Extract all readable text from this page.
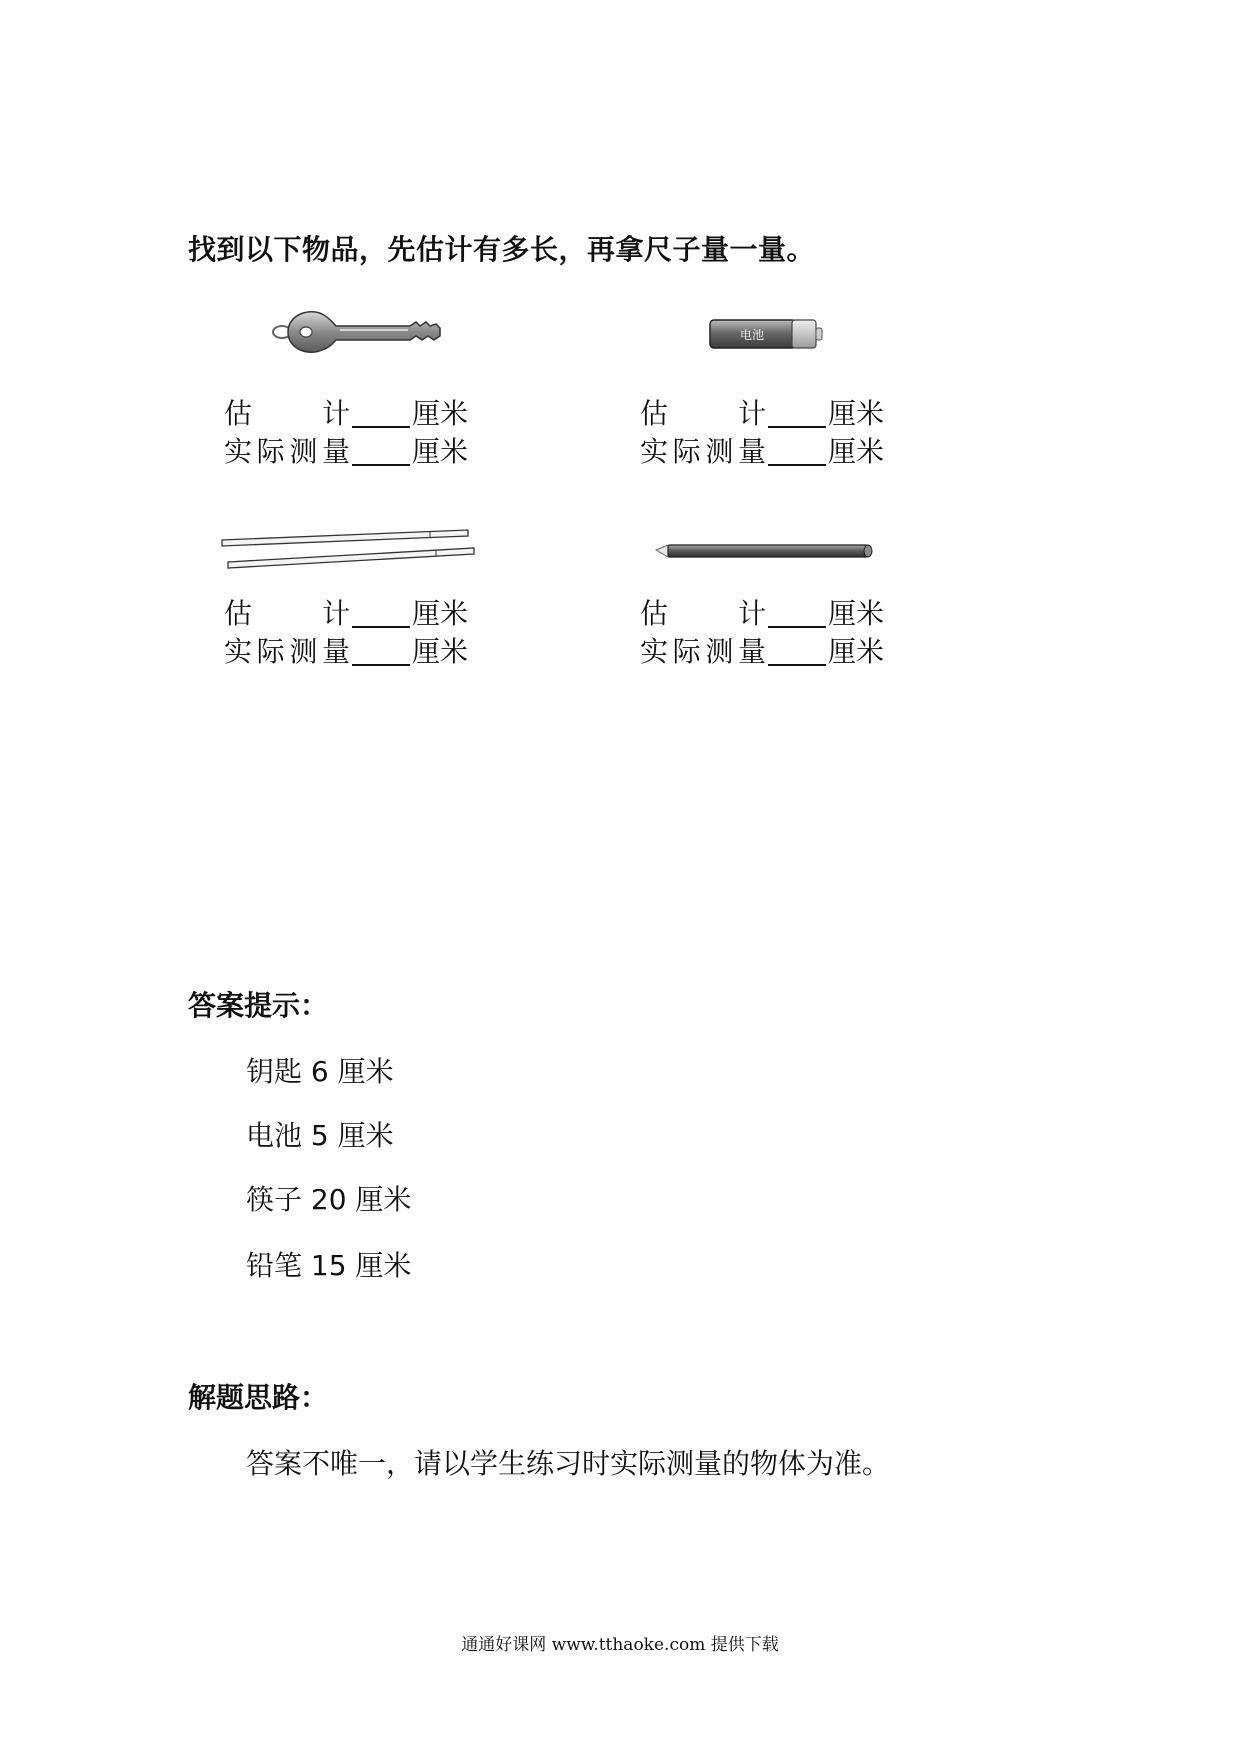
找到以下物品，先估计有多长，再拿尺子量一量。
估　　计 厘米
实际测量 厘米
电池
估　　计 厘米
实际测量 厘米
估　　计 厘米
实际测量 厘米
估　　计 厘米
实际测量 厘米
答案提示：
钥匙 6 厘米
电池 5 厘米
筷子 20 厘米
铅笔 15 厘米
解题思路：
答案不唯一，请以学生练习时实际测量的物体为准。
通通好课网 www.tthaoke.com 提供下载
